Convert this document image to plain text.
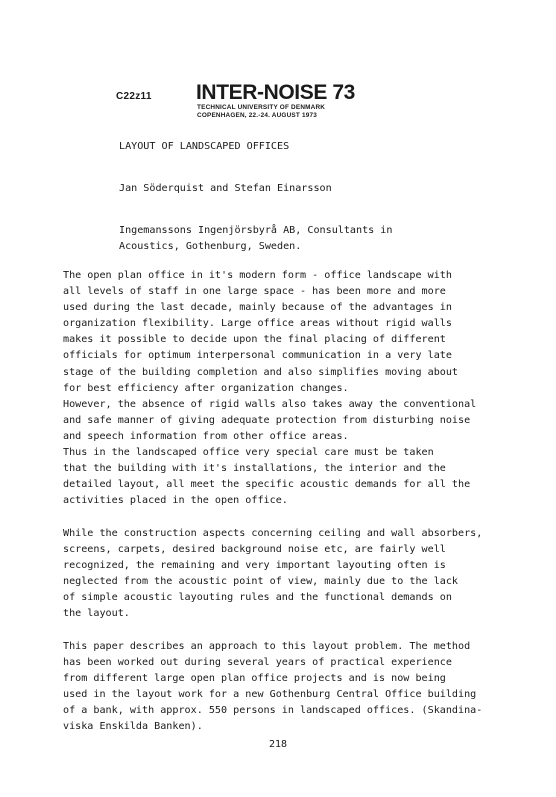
C22z11 INTER-NOISE 73
TECHNICAL UNIVERSITY OF DENMARK
COPENHAGEN, 22.-24. AUGUST 1973
LAYOUT OF LANDSCAPED OFFICES
Jan Söderquist and Stefan Einarsson
Ingemanssons Ingenjörsbyrå AB, Consultants in
Acoustics, Gothenburg, Sweden.
The open plan office in it's modern form - office landscape with
all levels of staff in one large space - has been more and more
used during the last decade, mainly because of the advantages in
organization flexibility. Large office areas without rigid walls
makes it possible to decide upon the final placing of different
officials for optimum interpersonal communication in a very late
stage of the building completion and also simplifies moving about
for best efficiency after organization changes.
However, the absence of rigid walls also takes away the conventional
and safe manner of giving adequate protection from disturbing noise
and speech information from other office areas.
Thus in the landscaped office very special care must be taken
that the building with it's installations, the interior and the
detailed layout, all meet the specific acoustic demands for all the
activities placed in the open office.
While the construction aspects concerning ceiling and wall absorbers,
screens, carpets, desired background noise etc, are fairly well
recognized, the remaining and very important layouting often is
neglected from the acoustic point of view, mainly due to the lack
of simple acoustic layouting rules and the functional demands on
the layout.
This paper describes an approach to this layout problem. The method
has been worked out during several years of practical experience
from different large open plan office projects and is now being
used in the layout work for a new Gothenburg Central Office building
of a bank, with approx. 550 persons in landscaped offices. (Skandina-
viska Enskilda Banken).
218
